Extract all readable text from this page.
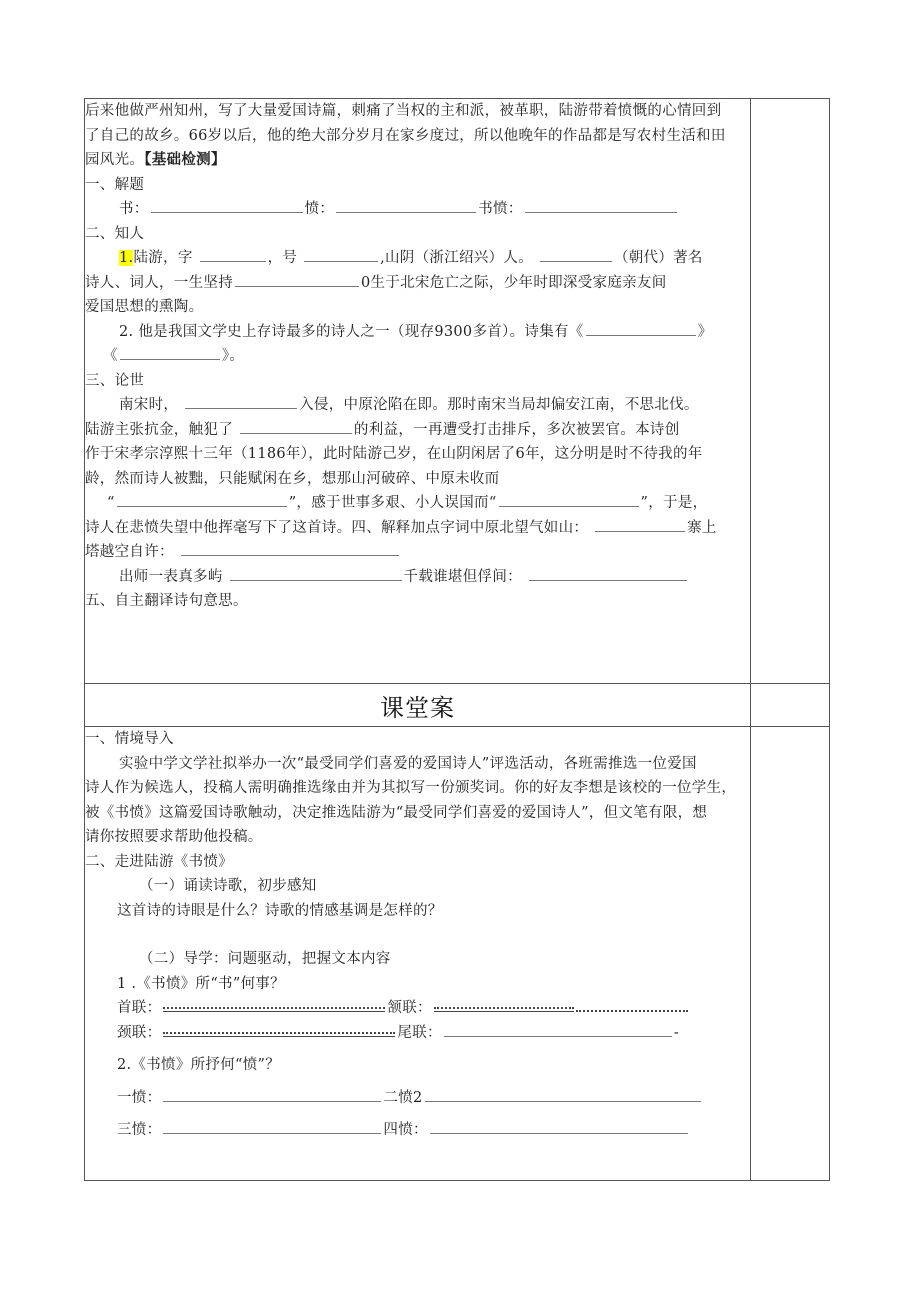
后来他做严州知州，写了大量爱国诗篇，刺痛了当权的主和派，被革职，陆游带着愤慨的心情回到
了自己的故乡。66岁以后，他的绝大部分岁月在家乡度过，所以他晚年的作品都是写农村生活和田
园风光。【基础检测】
一、解题
书：	愤：	书愤：
二、知人
1.陆游，字	，号	,山阴（浙江绍兴）人。	（朝代）著名
诗人、词人，一生坚持	0生于北宋危亡之际，少年时即深受家庭亲友间
爱国思想的熏陶。
2. 他是我国文学史上存诗最多的诗人之一（现存9300多首）。诗集有《	》
《	》。
三、论世
南宋时，	入侵，中原沦陷在即。那时南宋当局却偏安江南，不思北伐。
陆游主张抗金，触犯了	的利益，一再遭受打击排斥，多次被罢官。本诗创
作于宋孝宗淳熙十三年（1186年），此时陆游己岁，在山阴闲居了6年，这分明是时不待我的年
龄，然而诗人被黜，只能赋闲在乡，想那山河破碎、中原未收而
“	”，感于世事多艰、小人误国而“	”，于是，
诗人在悲愤失望中他挥毫写下了这首诗。四、解释加点字词中原北望气如山：	寨上
塔越空自许：
出师一表真多屿	千载谁堪但俘间：
五、自主翻译诗句意思。

课堂案	

一、情境导入
实验中学文学社拟举办一次“最受同学们喜爱的爱国诗人”评选活动，各班需推选一位爱国
诗人作为候选人，投稿人需明确推选缘由并为其拟写一份颁奖词。你的好友李想是该校的一位学生，
被《书愤》这篇爱国诗歌触动，决定推选陆游为“最受同学们喜爱的爱国诗人”，但文笔有限，想
请你按照要求帮助他投稿。
二、走进陆游《书愤》
（一）诵读诗歌，初步感知
这首诗的诗眼是什么？诗歌的情感基调是怎样的？
（二）导学：问题驱动，把握文本内容
1 .《书愤》所“书”何事？
首联：	颔联：
颈联：	尾联：	-
2.《书愤》所抒何“愤”？
一愤：	二愤2
三愤：	四愤：
